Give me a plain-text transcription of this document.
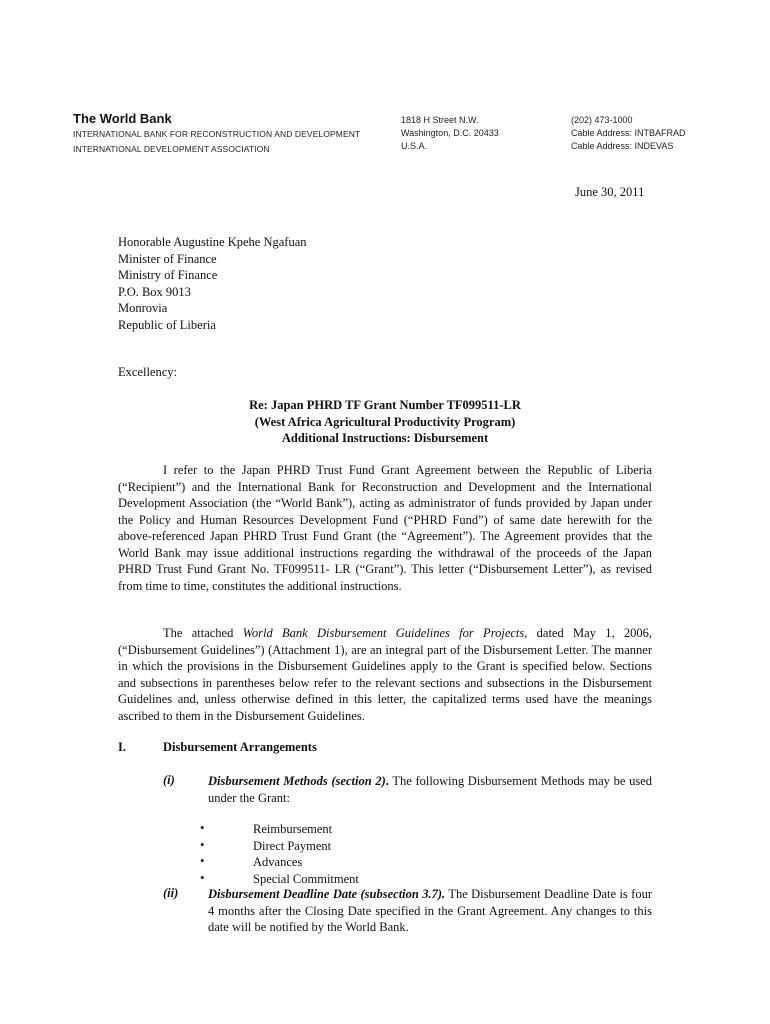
The World Bank
INTERNATIONAL BANK FOR RECONSTRUCTION AND DEVELOPMENT
INTERNATIONAL DEVELOPMENT ASSOCIATION
1818 H Street N.W.
Washington, D.C. 20433
U.S.A.
(202) 473-1000
Cable Address: INTBAFRAD
Cable Address: INDEVAS
June 30, 2011
Honorable Augustine Kpehe Ngafuan
Minister of Finance
Ministry of Finance
P.O. Box 9013
Monrovia
Republic of Liberia
Excellency:
Re: Japan PHRD TF Grant Number TF099511-LR
(West Africa Agricultural Productivity Program)
Additional Instructions: Disbursement
I refer to the Japan PHRD Trust Fund Grant Agreement between the Republic of Liberia (“Recipient”) and the International Bank for Reconstruction and Development and the International Development Association (the “World Bank”), acting as administrator of funds provided by Japan under the Policy and Human Resources Development Fund (“PHRD Fund”) of same date herewith for the above-referenced Japan PHRD Trust Fund Grant (the “Agreement”). The Agreement provides that the World Bank may issue additional instructions regarding the withdrawal of the proceeds of the Japan PHRD Trust Fund Grant No. TF099511- LR (“Grant”). This letter (“Disbursement Letter”), as revised from time to time, constitutes the additional instructions.
The attached World Bank Disbursement Guidelines for Projects, dated May 1, 2006, (“Disbursement Guidelines”) (Attachment 1), are an integral part of the Disbursement Letter. The manner in which the provisions in the Disbursement Guidelines apply to the Grant is specified below. Sections and subsections in parentheses below refer to the relevant sections and subsections in the Disbursement Guidelines and, unless otherwise defined in this letter, the capitalized terms used have the meanings ascribed to them in the Disbursement Guidelines.
I.	Disbursement Arrangements
(i)	Disbursement Methods (section 2). The following Disbursement Methods may be used under the Grant:
•	Reimbursement
•	Direct Payment
•	Advances
•	Special Commitment
(ii) Disbursement Deadline Date (subsection 3.7). The Disbursement Deadline Date is four 4 months after the Closing Date specified in the Grant Agreement. Any changes to this date will be notified by the World Bank.
